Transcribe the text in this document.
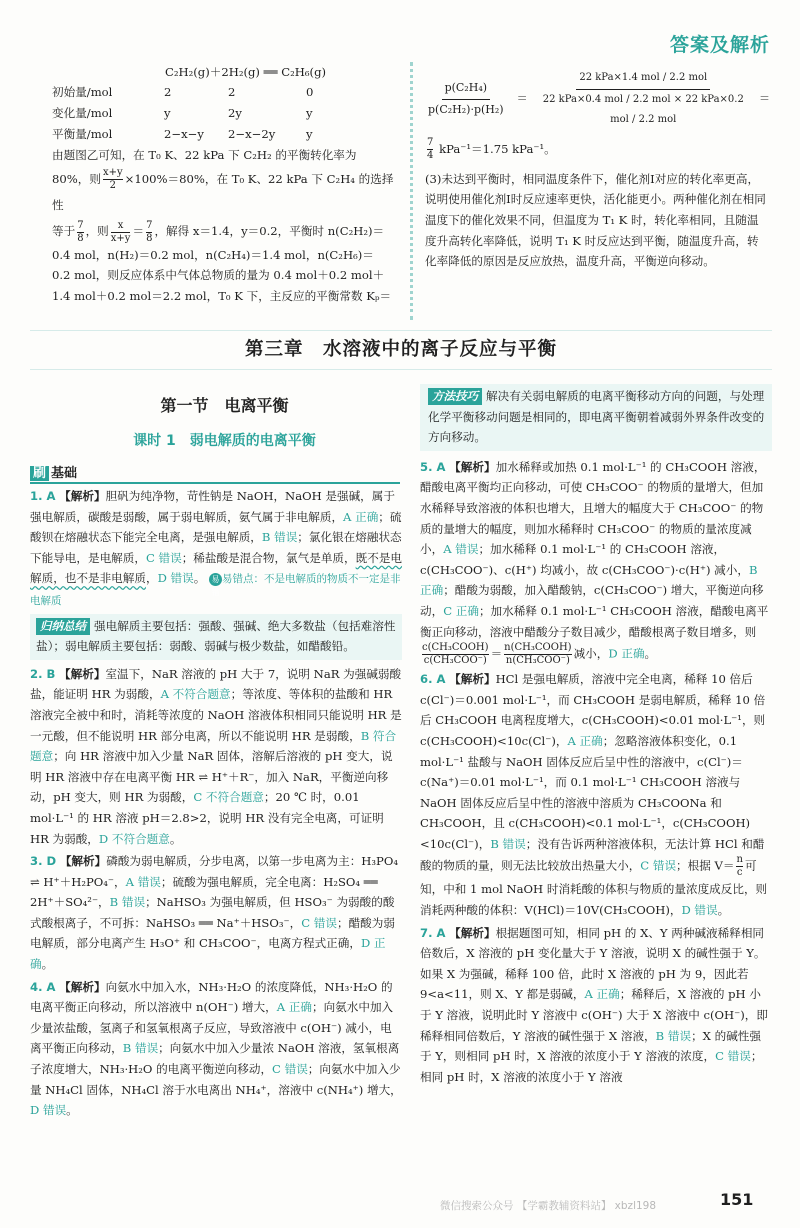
答案及解析
C₂H₂(g)＋2H₂(g) ══ C₂H₆(g)
初始量/mol	2	2	0
变化量/mol	y	2y	y
平衡量/mol	2−x−y	2−x−2y	y

由题图乙可知，在 T₀ K、22 kPa 下 C₂H₂ 的平衡转化率为

80%，则 $\frac{x+y}{2} \times 100\%=80\%$，在 T₀ K、22 kPa 下 C₂H₄ 的选择性

等于 $\frac{7}{8}$ ，则 $\frac{x}{x+y} = \frac{7}{8}$ ，解得 x＝1.4，y＝0.2，平衡时 n(C₂H₂)＝

0.4 mol，n(H₂)＝0.2 mol，n(C₂H₄)＝1.4 mol，n(C₂H₆)＝

0.2 mol，则反应体系中气体总物质的量为 0.4 mol＋0.2 mol＋

1.4 mol＋0.2 mol＝2.2 mol，T₀ K 下，主反应的平衡常数 Kₚ＝

$\frac{\text{p(C₂H₄)}}{\text{p(C₂H₂)·p(H₂)}} = \frac{\text{22 kPa×1.4 mol / 2.2 mol}}{\text{22 kPa×0.4 mol / 2.2 mol × 22 kPa×0.2 mol / 2.2 mol}}$ ＝

$\frac{7}{4} kPa^{-1}=1.75$ kPa⁻¹。

(3)未达到平衡时，相同温度条件下，催化剂Ⅰ对应的转化率更高，说明使用催化剂Ⅰ时反应速率更快，活化能更小。两种催化剂在相同温度下的催化效果不同，但温度为 T₁ K 时，转化率相同，且随温度升高转化率降低，说明 T₁ K 时反应达到平衡，随温度升高，转化率降低的原因是反应放热，温度升高，平衡逆向移动。

第三章　水溶液中的离子反应与平衡
第一节　电离平衡
课时 1　弱电解质的电离平衡
刷 基础
1. A 【解析】胆矾为纯净物，苛性钠是 NaOH，NaOH 是强碱，属于强电解质，碳酸是弱酸，属于弱电解质，氨气属于非电解质，A 正确；硫酸钡在熔融状态下能完全电离，是强电解质，B 错误；氯化银在熔融状态下能导电，是电解质，C 错误；稀盐酸是混合物，氯气是单质，既不是电解质，也不是非电解质，D 错误。 易错易错点：不是电解质的物质不一定是非电解质
归纳总结 强电解质主要包括：强酸、强碱、绝大多数盐（包括难溶性盐）；弱电解质主要包括：弱酸、弱碱与极少数盐，如醋酸铅。
2. B 【解析】室温下，NaR 溶液的 pH 大于 7，说明 NaR 为强碱弱酸盐，能证明 HR 为弱酸，A 不符合题意；等浓度、等体积的盐酸和 HR 溶液完全被中和时，消耗等浓度的 NaOH 溶液体积相同只能说明 HR 是一元酸，但不能说明 HR 部分电离，所以不能说明 HR 是弱酸，B 符合题意；向 HR 溶液中加入少量 NaR 固体，溶解后溶液的 pH 变大，说明 HR 溶液中存在电离平衡 HR ⇌ H⁺＋R⁻，加入 NaR，平衡逆向移动，pH 变大，则 HR 为弱酸，C 不符合题意；20 ℃ 时，0.01 mol·L⁻¹ 的 HR 溶液 pH＝2.8>2，说明 HR 没有完全电离，可证明 HR 为弱酸，D 不符合题意。
3. D 【解析】磷酸为弱电解质，分步电离，以第一步电离为主：H₃PO₄ ⇌ H⁺＋H₂PO₄⁻，A 错误；硫酸为强电解质，完全电离：H₂SO₄ ══ 2H⁺＋SO₄²⁻，B 错误；NaHSO₃ 为强电解质，但 HSO₃⁻ 为弱酸的酸式酸根离子，不可拆：NaHSO₃ ══ Na⁺＋HSO₃⁻，C 错误；醋酸为弱电解质，部分电离产生 H₃O⁺ 和 CH₃COO⁻，电离方程式正确，D 正确。
4. A 【解析】向氨水中加入水，NH₃·H₂O 的浓度降低，NH₃·H₂O 的电离平衡正向移动，所以溶液中 n(OH⁻) 增大，A 正确；向氨水中加入少量浓盐酸，氢离子和氢氧根离子反应，导致溶液中 c(OH⁻) 减小，电离平衡正向移动，B 错误；向氨水中加入少量浓 NaOH 溶液，氢氧根离子浓度增大，NH₃·H₂O 的电离平衡逆向移动，C 错误；向氨水中加入少量 NH₄Cl 固体，NH₄Cl 溶于水电离出 NH₄⁺，溶液中 c(NH₄⁺) 增大，D 错误。
方法技巧 解决有关弱电解质的电离平衡移动方向的问题，与处理化学平衡移动问题是相同的，即电离平衡朝着减弱外界条件改变的方向移动。
5. A 【解析】加水稀释或加热 0.1 mol·L⁻¹ 的 CH₃COOH 溶液，醋酸电离平衡均正向移动，可使 CH₃COO⁻ 的物质的量增大，但加水稀释导致溶液的体积也增大，且增大的幅度大于 CH₃COO⁻ 的物质的量增大的幅度，则加水稀释时 CH₃COO⁻ 的物质的量浓度减小，A 错误；加水稀释 0.1 mol·L⁻¹ 的 CH₃COOH 溶液，c(CH₃COO⁻)、c(H⁺) 均减小，故 c(CH₃COO⁻)·c(H⁺) 减小，B 正确；醋酸为弱酸，加入醋酸钠，c(CH₃COO⁻) 增大，平衡逆向移动，C 正确；加水稀释 0.1 mol·L⁻¹ CH₃COOH 溶液，醋酸电离平衡正向移动，溶液中醋酸分子数目减少，醋酸根离子数目增多，则
$\frac{\text{c(CH₃COOH)}}{\text{c(CH₃COO⁻)}} = \frac{\text{n(CH₃COOH)}}{\text{n(CH₃COO⁻)}}$ 减小，D 正确。
6. A 【解析】HCl 是强电解质，溶液中完全电离，稀释 10 倍后 c(Cl⁻)＝0.001 mol·L⁻¹，而 CH₃COOH 是弱电解质，稀释 10 倍后 CH₃COOH 电离程度增大，c(CH₃COOH)<0.01 mol·L⁻¹，则 c(CH₃COOH)<10c(Cl⁻)，A 正确；忽略溶液体积变化，0.1 mol·L⁻¹ 盐酸与 NaOH 固体反应后呈中性的溶液中，c(Cl⁻)＝c(Na⁺)＝0.01 mol·L⁻¹，而 0.1 mol·L⁻¹ CH₃COOH 溶液与 NaOH 固体反应后呈中性的溶液中溶质为 CH₃COONa 和 CH₃COOH，且 c(CH₃COOH)<0.1 mol·L⁻¹，c(CH₃COOH)<10c(Cl⁻)，B 错误；没有告诉两种溶液体积，无法计算 HCl 和醋酸的物质的量，则无法比较放出热量大小，C 错误；根据 $V= \frac{n}{c}$ 可知，中和 1 mol NaOH 时消耗酸的体积与物质的量浓度成反比，则消耗两种酸的体积：V(HCl)＝10V(CH₃COOH)，D 错误。
7. A 【解析】根据题图可知，相同 pH 的 X、Y 两种碱液稀释相同倍数后，X 溶液的 pH 变化量大于 Y 溶液，说明 X 的碱性强于 Y。如果 X 为强碱，稀释 100 倍，此时 X 溶液的 pH 为 9，因此若 9<a<11，则 X、Y 都是弱碱，A 正确；稀释后，X 溶液的 pH 小于 Y 溶液，说明此时 Y 溶液中 c(OH⁻) 大于 X 溶液中 c(OH⁻)，即稀释相同倍数后，Y 溶液的碱性强于 X 溶液，B 错误；X 的碱性强于 Y，则相同 pH 时，X 溶液的浓度小于 Y 溶液的浓度，C 错误；相同 pH 时，X 溶液的浓度小于 Y 溶液
微信搜索公众号 【学霸教辅资料站】 xbzl198	151
